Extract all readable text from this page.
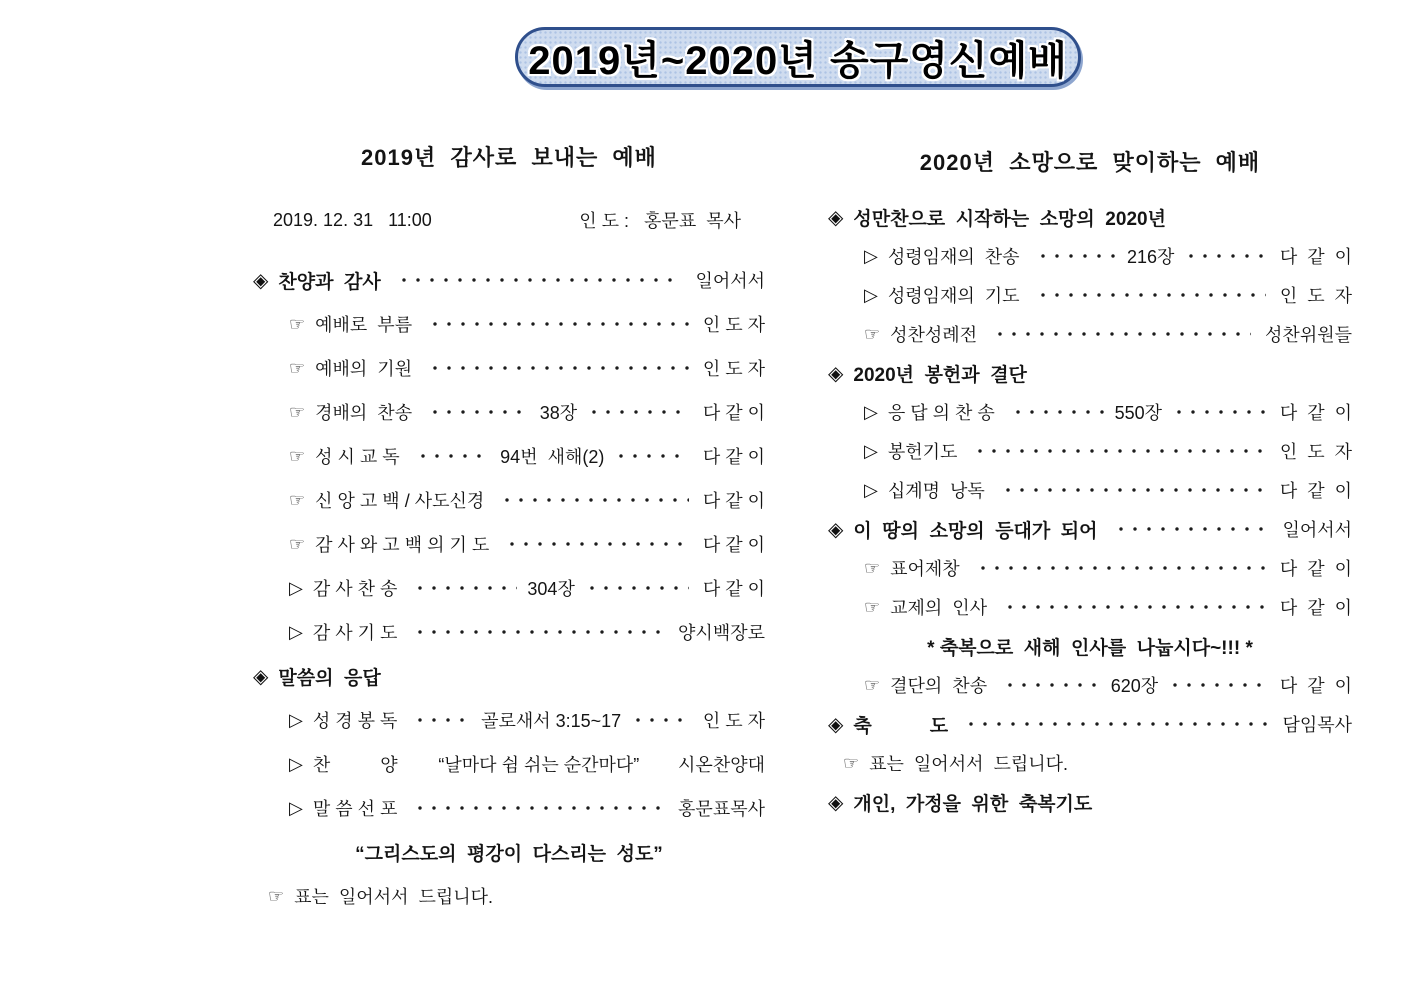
2019년~2020년 송구영신예배
2019년  감사로  보내는  예배
2019. 12. 31   11:00	인 도 :   홍문표  목사
◈ 찬양과  감사	일어서서
☞ 예배로  부름	인 도 자
☞ 예배의  기원	인 도 자
☞ 경배의  찬송	38장	다 같 이
☞ 성 시 교 독	94번  새해(2)	다 같 이
☞ 신 앙 고 백 / 사도신경	다 같 이
☞ 감 사 와 고 백 의 기 도	다 같 이
▷ 감 사 찬 송	304장	다 같 이
▷ 감 사 기 도	양시백장로
◈ 말씀의  응답
▷ 성 경 봉 독	골로새서 3:15~17	인 도 자
▷ 찬          양 “날마다 쉼 쉬는 순간마다” 시온찬양대
▷ 말 씀 선 포	홍문표목사
“그리스도의  평강이  다스리는  성도”
☞ 표는  일어서서  드립니다.
2020년  소망으로  맞이하는  예배
◈ 성만찬으로  시작하는  소망의  2020년
▷ 성령임재의  찬송	216장	다  같  이
▷ 성령임재의  기도	인  도  자
☞ 성찬성례전	성찬위원들
◈ 2020년  봉헌과  결단
▷ 응 답 의 찬 송	550장	다  같  이
▷ 봉헌기도	인  도  자
▷ 십계명  낭독	다  같  이
◈ 이  땅의  소망의  등대가  되어	일어서서
☞ 표어제창	다  같  이
☞ 교제의  인사	다  같  이
* 축복으로  새해  인사를  나눕시다~!!! *
☞ 결단의  찬송	620장	다  같  이
◈ 축           도	담임목사
☞ 표는  일어서서  드립니다.
◈ 개인,  가정을  위한  축복기도
